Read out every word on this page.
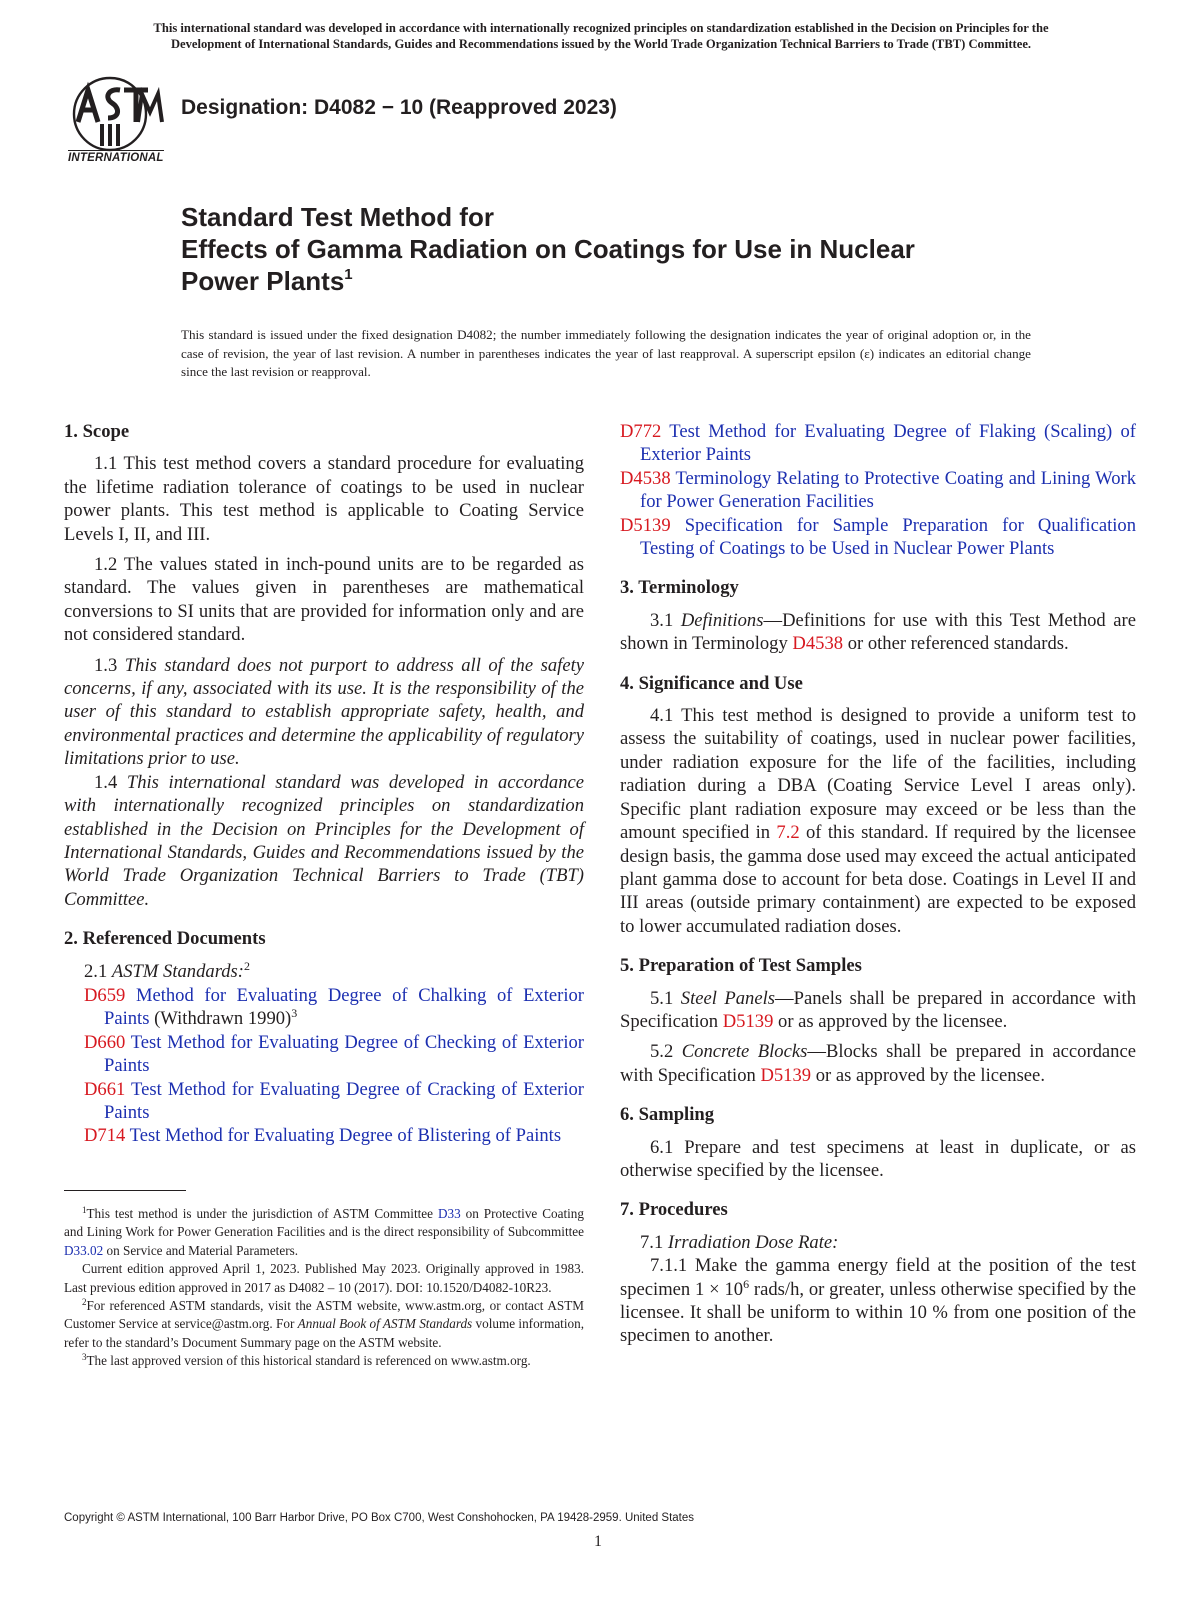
This international standard was developed in accordance with internationally recognized principles on standardization established in the Decision on Principles for the
Development of International Standards, Guides and Recommendations issued by the World Trade Organization Technical Barriers to Trade (TBT) Committee.
INTERNATIONAL
Designation: D4082 − 10 (Reapproved 2023)
Standard Test Method for
Effects of Gamma Radiation on Coatings for Use in Nuclear
Power Plants$^1$
This standard is issued under the fixed designation D4082; the number immediately following the designation indicates the year of original adoption or, in the case of revision, the year of last revision. A number in parentheses indicates the year of last reapproval. A superscript epsilon (ε) indicates an editorial change since the last revision or reapproval.
1. Scope

1.1 This test method covers a standard procedure for evaluating the lifetime radiation tolerance of coatings to be used in nuclear power plants. This test method is applicable to Coating Service Levels I, II, and III.

1.2 The values stated in inch-pound units are to be regarded as standard. The values given in parentheses are mathematical conversions to SI units that are provided for information only and are not considered standard.

1.3 This standard does not purport to address all of the safety concerns, if any, associated with its use. It is the responsibility of the user of this standard to establish appropriate safety, health, and environmental practices and determine the applicability of regulatory limitations prior to use.

1.4 This international standard was developed in accordance with internationally recognized principles on standardization established in the Decision on Principles for the Development of International Standards, Guides and Recommendations issued by the World Trade Organization Technical Barriers to Trade (TBT) Committee.

2. Referenced Documents
2.1 ASTM Standards:$^2$
D659 Method for Evaluating Degree of Chalking of Exterior Paints (Withdrawn 1990)$^3$
D660 Test Method for Evaluating Degree of Checking of Exterior Paints
D661 Test Method for Evaluating Degree of Cracking of Exterior Paints
D714 Test Method for Evaluating Degree of Blistering of Paints

$^1$This test method is under the jurisdiction of ASTM Committee D33 on Protective Coating and Lining Work for Power Generation Facilities and is the direct responsibility of Subcommittee D33.02 on Service and Material Parameters.

Current edition approved April 1, 2023. Published May 2023. Originally approved in 1983. Last previous edition approved in 2017 as D4082 – 10 (2017). DOI: 10.1520/D4082-10R23.

$^2$For referenced ASTM standards, visit the ASTM website, www.astm.org, or contact ASTM Customer Service at service@astm.org. For Annual Book of ASTM Standards volume information, refer to the standard’s Document Summary page on the ASTM website.

$^3$The last approved version of this historical standard is referenced on www.astm.org.

D772 Test Method for Evaluating Degree of Flaking (Scaling) of Exterior Paints
D4538 Terminology Relating to Protective Coating and Lining Work for Power Generation Facilities
D5139 Specification for Sample Preparation for Qualification Testing of Coatings to be Used in Nuclear Power Plants
3. Terminology

3.1 Definitions—Definitions for use with this Test Method are shown in Terminology D4538 or other referenced standards.

4. Significance and Use

4.1 This test method is designed to provide a uniform test to assess the suitability of coatings, used in nuclear power facilities, under radiation exposure for the life of the facilities, including radiation during a DBA (Coating Service Level I areas only). Specific plant radiation exposure may exceed or be less than the amount specified in 7.2 of this standard. If required by the licensee design basis, the gamma dose used may exceed the actual anticipated plant gamma dose to account for beta dose. Coatings in Level II and III areas (outside primary containment) are expected to be exposed to lower accumulated radiation doses.

5. Preparation of Test Samples

5.1 Steel Panels—Panels shall be prepared in accordance with Specification D5139 or as approved by the licensee.

5.2 Concrete Blocks—Blocks shall be prepared in accordance with Specification D5139 or as approved by the licensee.

6. Sampling

6.1 Prepare and test specimens at least in duplicate, or as otherwise specified by the licensee.

7. Procedures
7.1 Irradiation Dose Rate:

7.1.1 Make the gamma energy field at the position of the test specimen $1 \times 10^6$ rads/h, or greater, unless otherwise specified by the licensee. It shall be uniform to within 10 % from one position of the specimen to another.

Copyright © ASTM International, 100 Barr Harbor Drive, PO Box C700, West Conshohocken, PA 19428-2959. United States
1
